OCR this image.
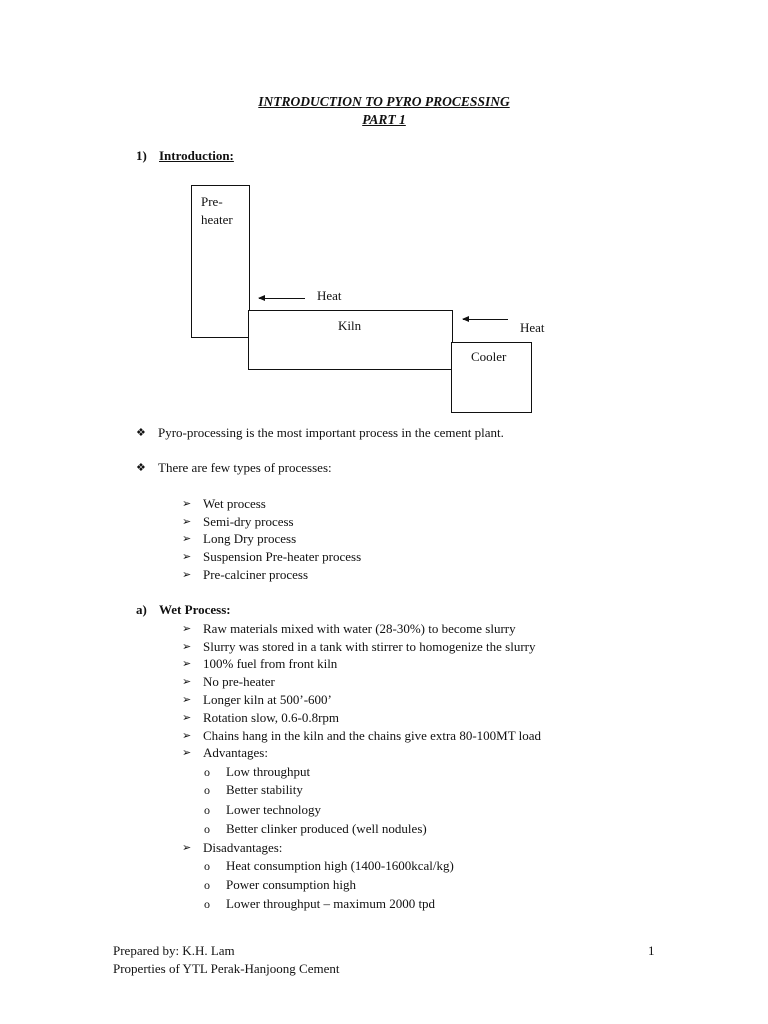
INTRODUCTION TO PYRO PROCESSING
PART 1
1) Introduction:
Pre-
heater
Kiln
Cooler
Heat
Heat
❖ Pyro-processing is the most important process in the cement plant.
❖ There are few types of processes:
➢ Wet process
➢ Semi-dry process
➢ Long Dry process
➢ Suspension Pre-heater process
➢ Pre-calciner process
a) Wet Process:
➢ Raw materials mixed with water (28-30%) to become slurry
➢ Slurry was stored in a tank with stirrer to homogenize the slurry
➢ 100% fuel from front kiln
➢ No pre-heater
➢ Longer kiln at 500’-600’
➢ Rotation slow, 0.6-0.8rpm
➢ Chains hang in the kiln and the chains give extra 80-100MT load
➢ Advantages:
o Low throughput
o Better stability
o Lower technology
o Better clinker produced (well nodules)
➢ Disadvantages:
o Heat consumption high (1400-1600kcal/kg)
o Power consumption high
o Lower throughput – maximum 2000 tpd
Prepared by: K.H. Lam
Properties of YTL Perak-Hanjoong Cement
1
